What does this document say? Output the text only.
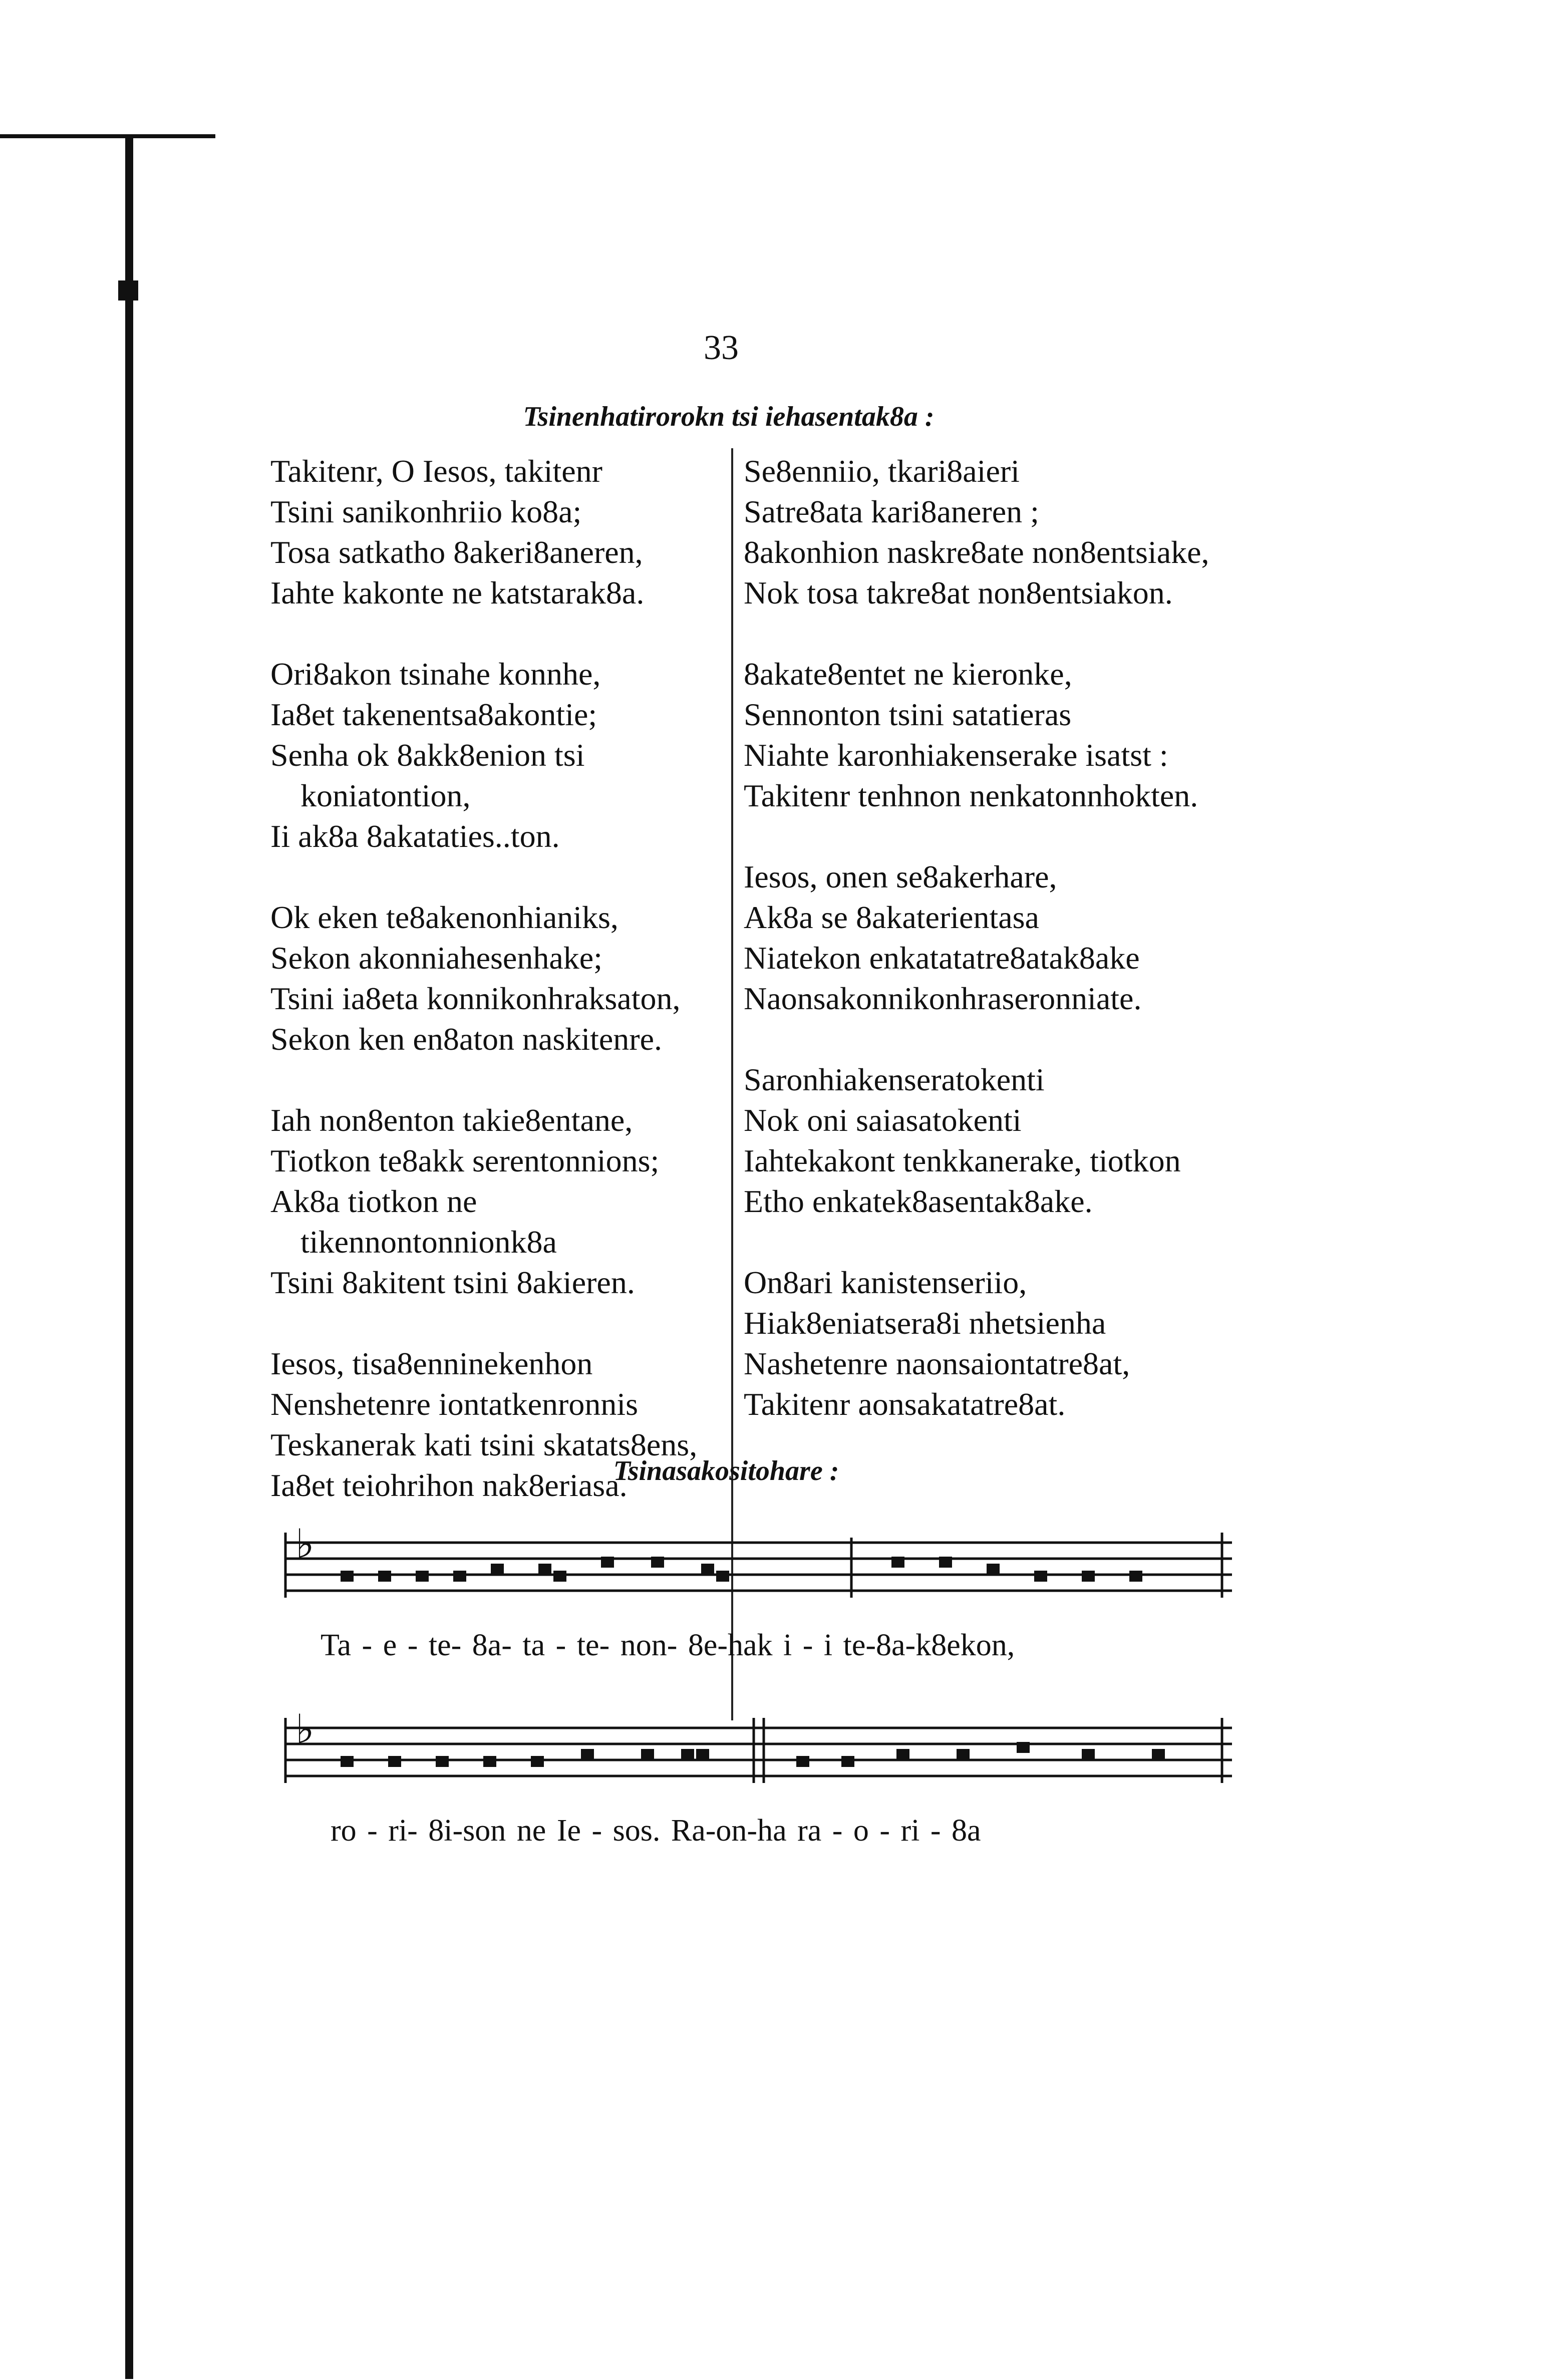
33
Tsinenhatirorokn tsi iehasentak8a :
Takitenr, O Iesos, takitenr
Tsini sanikonhriio ko8a;
Tosa satkatho 8akeri8aneren,
Iahte kakonte ne katstarak8a.
Ori8akon tsinahe konnhe,
Ia8et takenentsa8akontie;
Senha ok 8akk8enion tsi koniatontion,
Ii ak8a 8akataties..ton.
Ok eken te8akenonhianiks,
Sekon akonniahesenhake;
Tsini ia8eta konnikonhraksaton,
Sekon ken en8aton naskitenre.
Iah non8enton takie8entane,
Tiotkon te8akk serentonnions;
Ak8a tiotkon ne tikennontonnionk8a
Tsini 8akitent tsini 8akieren.
Iesos, tisa8enninekenhon
Nenshetenre iontatkenronnis
Teskanerak kati tsini skatats8ens,
Ia8et teiohrihon nak8eriasa.
Se8enniio, tkari8aieri
Satre8ata kari8aneren ;
8akonhion naskre8ate non8entsiake,
Nok tosa takre8at non8entsiakon.
8akate8entet ne kieronke,
Sennonton tsini satatieras
Niahte karonhiakenserake isatst :
Takitenr tenhnon nenkatonnhokten.
Iesos, onen se8akerhare,
Ak8a se 8akaterientasa
Niatekon enkatatatre8atak8ake
Naonsakonnikonhraseronniate.
Saronhiakenseratokenti
Nok oni saiasatokenti
Iahtekakont tenkkanerake, tiotkon
Etho enkatek8asentak8ake.
On8ari kanistenseriio,
Hiak8eniatsera8i nhetsienha
Nashetenre naonsaiontatre8at,
Takitenr aonsakatatre8at.
Tsinasakositohare :
♭
Ta - e - te- 8a- ta - te- non- 8e-hak i - i te-8a-k8ekon,
♭
ro - ri- 8i-son ne Ie - sos. Ra-on-ha ra - o - ri - 8a
